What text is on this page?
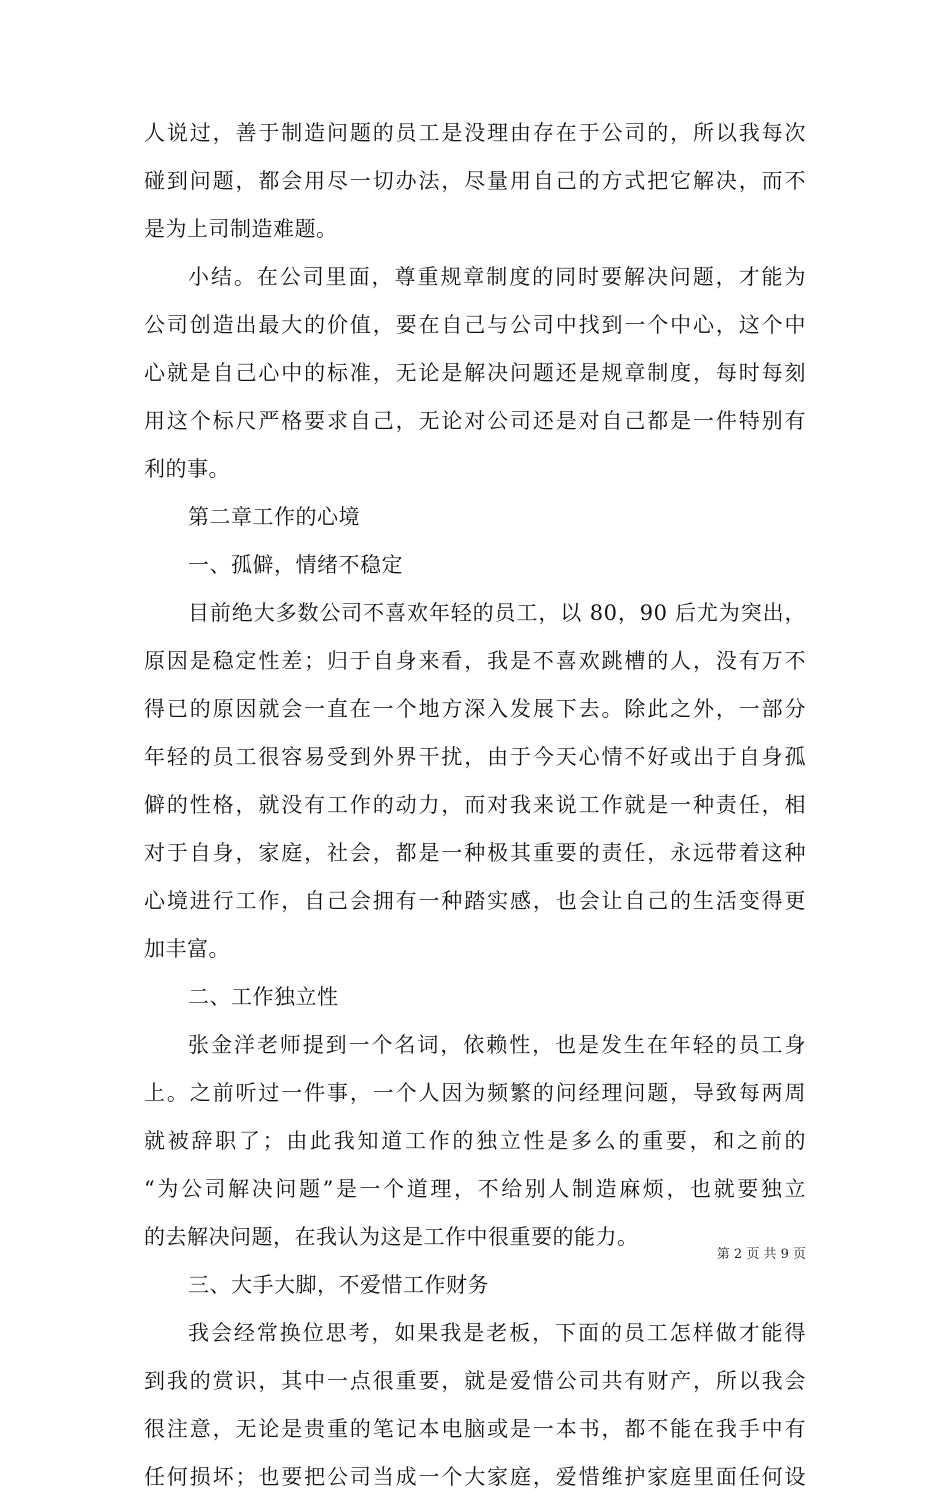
人说过，善于制造问题的员工是没理由存在于公司的，所以我每次
碰到问题，都会用尽一切办法，尽量用自己的方式把它解决，而不
是为上司制造难题。
小结。在公司里面，尊重规章制度的同时要解决问题，才能为
公司创造出最大的价值，要在自己与公司中找到一个中心，这个中
心就是自己心中的标准，无论是解决问题还是规章制度，每时每刻
用这个标尺严格要求自己，无论对公司还是对自己都是一件特别有
利的事。
第二章工作的心境
一、孤僻，情绪不稳定
目前绝大多数公司不喜欢年轻的员工，以 80，90 后尤为突出，
原因是稳定性差；归于自身来看，我是不喜欢跳槽的人，没有万不
得已的原因就会一直在一个地方深入发展下去。除此之外，一部分
年轻的员工很容易受到外界干扰，由于今天心情不好或出于自身孤
僻的性格，就没有工作的动力，而对我来说工作就是一种责任，相
对于自身，家庭，社会，都是一种极其重要的责任，永远带着这种
心境进行工作，自己会拥有一种踏实感，也会让自己的生活变得更
加丰富。
二、工作独立性
张金洋老师提到一个名词，依赖性，也是发生在年轻的员工身
上。之前听过一件事，一个人因为频繁的问经理问题，导致每两周
就被辞职了；由此我知道工作的独立性是多么的重要，和之前的
“为公司解决问题”是一个道理，不给别人制造麻烦，也就要独立
的去解决问题，在我认为这是工作中很重要的能力。
三、大手大脚，不爱惜工作财务
我会经常换位思考，如果我是老板，下面的员工怎样做才能得
到我的赏识，其中一点很重要，就是爱惜公司共有财产，所以我会
很注意，无论是贵重的笔记本电脑或是一本书，都不能在我手中有
任何损坏；也要把公司当成一个大家庭，爱惜维护家庭里面任何设
第 2 页 共 9 页
